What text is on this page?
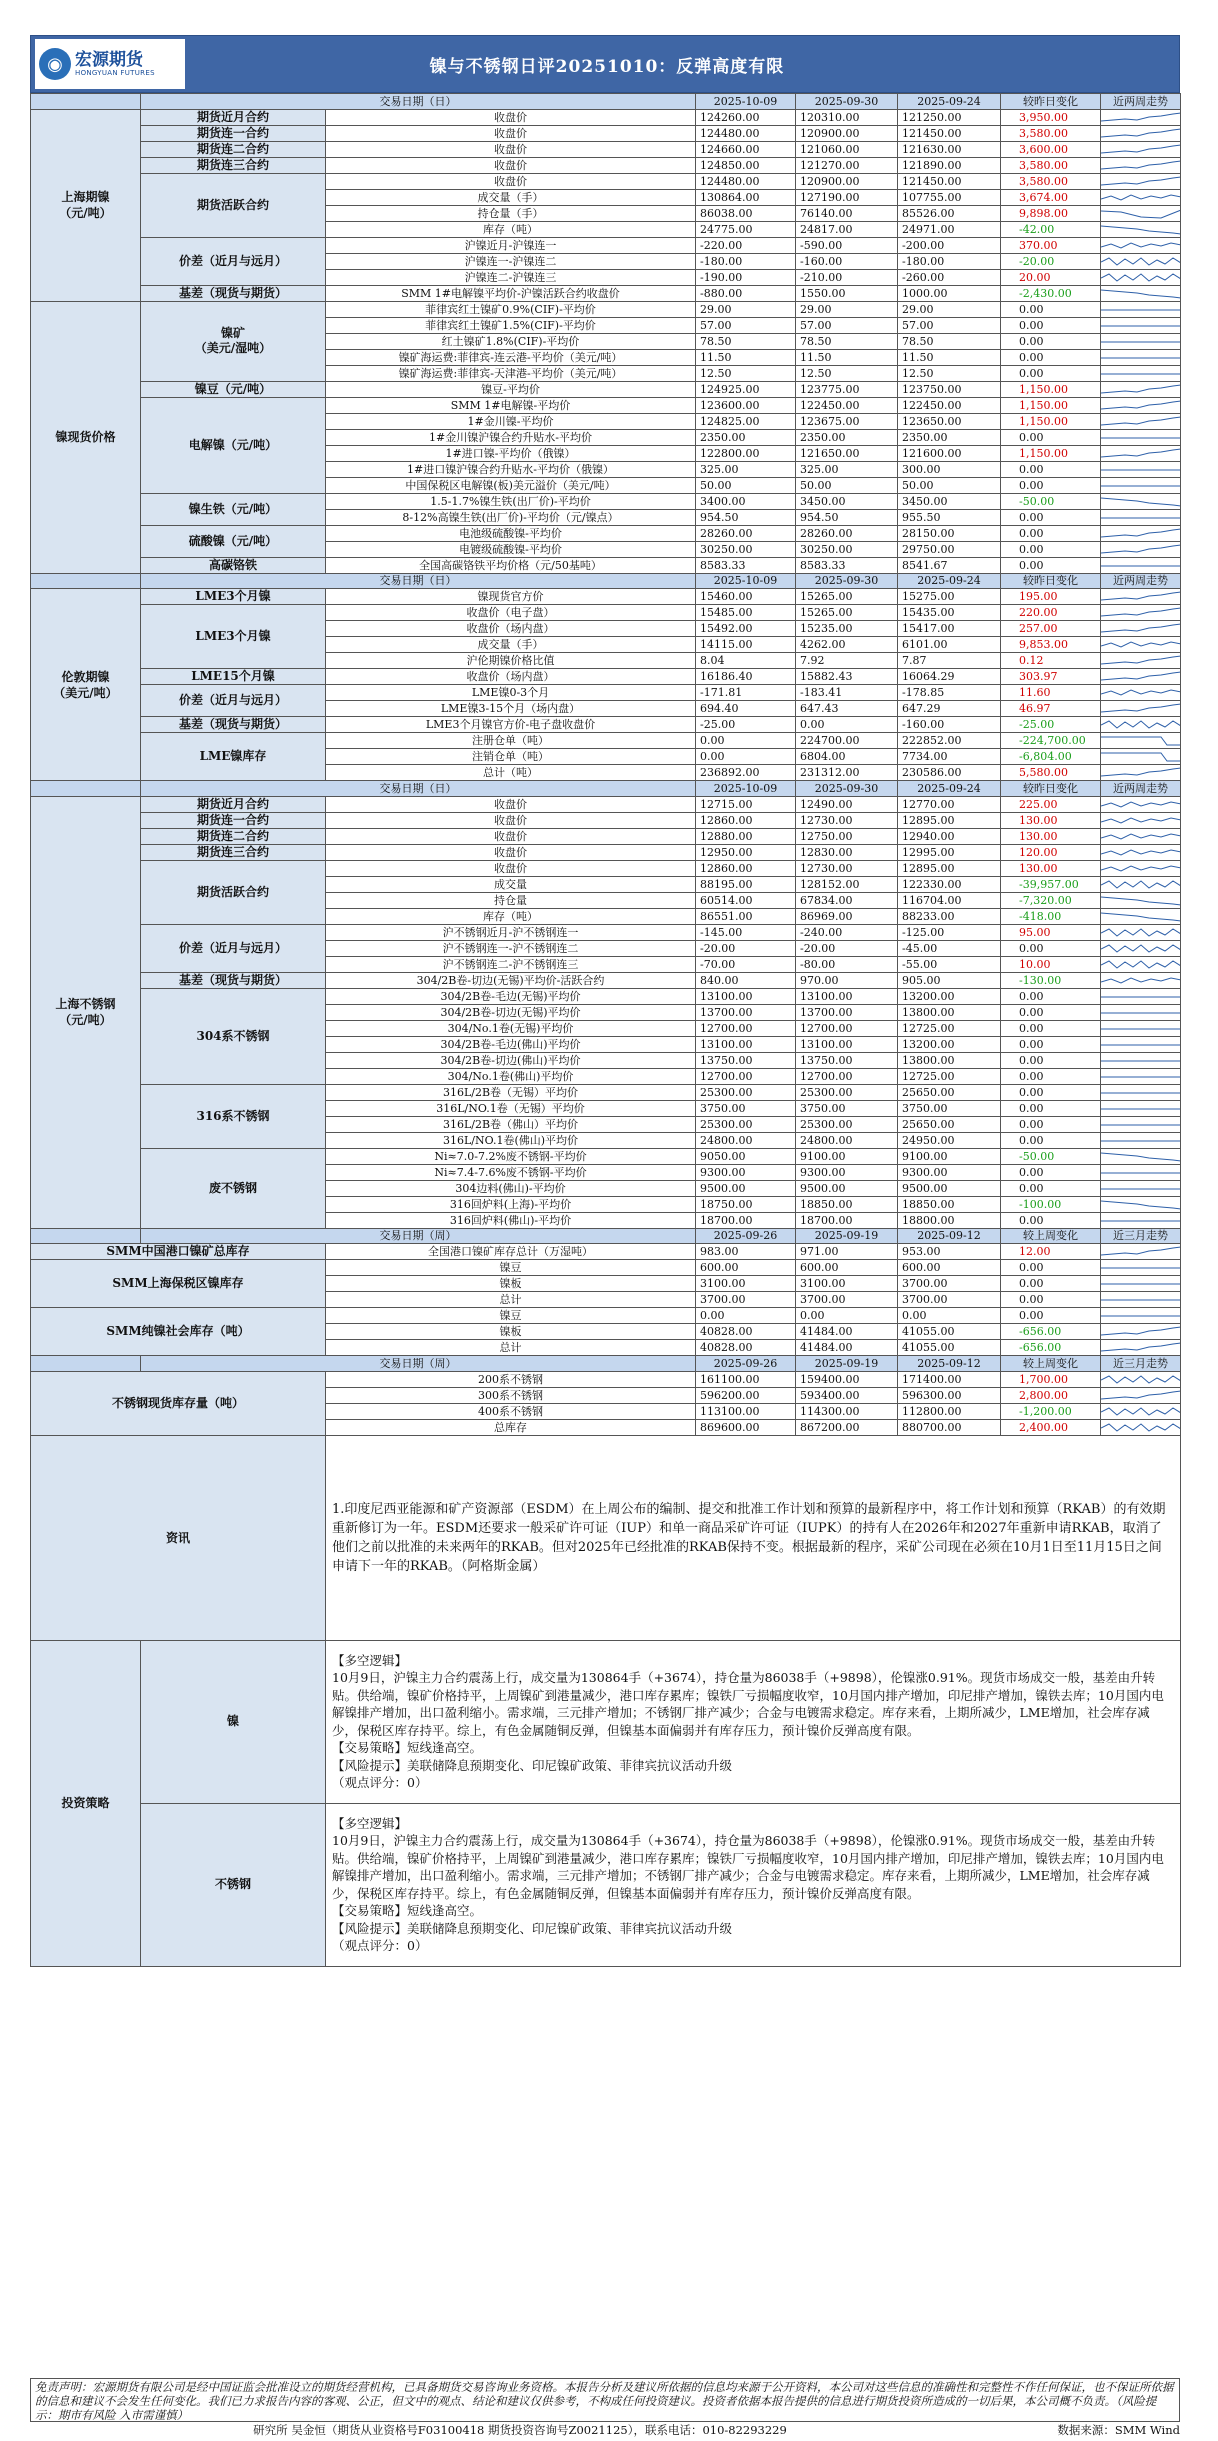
◉ 宏源期货
HONGYUAN FUTURES	镍与不锈钢日评20251010：反弹高度有限
	交易日期（日）		2025-10-09	2025-09-30	2025-09-24	较昨日变化	近两周走势

上海期镍
（元/吨）	期货近月合约	收盘价	124260.00	120310.00	121250.00	3,950.00	

	期货连一合约	收盘价	124480.00	120900.00	121450.00	3,580.00	

	期货连二合约	收盘价	124660.00	121060.00	121630.00	3,600.00	

	期货连三合约	收盘价	124850.00	121270.00	121890.00	3,580.00	

	期货活跃合约	收盘价	124480.00	120900.00	121450.00	3,580.00	

		成交量（手）	130864.00	127190.00	107755.00	3,674.00	

		持仓量（手）	86038.00	76140.00	85526.00	9,898.00	

		库存（吨）	24775.00	24817.00	24971.00	-42.00	

	价差（近月与远月）	沪镍近月-沪镍连一	-220.00	-590.00	-200.00	370.00	

		沪镍连一-沪镍连二	-180.00	-160.00	-180.00	-20.00	

		沪镍连二-沪镍连三	-190.00	-210.00	-260.00	20.00	

	基差（现货与期货）	SMM 1#电解镍平均价-沪镍活跃合约收盘价	-880.00	1550.00	1000.00	-2,430.00	

镍现货价格	镍矿
（美元/湿吨）	菲律宾红土镍矿0.9%(CIF)-平均价	29.00	29.00	29.00	0.00	

		菲律宾红土镍矿1.5%(CIF)-平均价	57.00	57.00	57.00	0.00	

		红土镍矿1.8%(CIF)-平均价	78.50	78.50	78.50	0.00	

		镍矿海运费:菲律宾-连云港-平均价（美元/吨）	11.50	11.50	11.50	0.00	

		镍矿海运费:菲律宾-天津港-平均价（美元/吨）	12.50	12.50	12.50	0.00	

	镍豆（元/吨）	镍豆-平均价	124925.00	123775.00	123750.00	1,150.00	

	电解镍（元/吨）	SMM 1#电解镍-平均价	123600.00	122450.00	122450.00	1,150.00	

		1#金川镍-平均价	124825.00	123675.00	123650.00	1,150.00	

		1#金川镍沪镍合约升贴水-平均价	2350.00	2350.00	2350.00	0.00	

		1#进口镍-平均价（俄镍）	122800.00	121650.00	121600.00	1,150.00	

		1#进口镍沪镍合约升贴水-平均价（俄镍）	325.00	325.00	300.00	0.00	

		中国保税区电解镍(板)美元溢价（美元/吨）	50.00	50.00	50.00	0.00	

	镍生铁（元/吨）	1.5-1.7%镍生铁(出厂价)-平均价	3400.00	3450.00	3450.00	-50.00	

		8-12%高镍生铁(出厂价)-平均价（元/镍点）	954.50	954.50	955.50	0.00	

	硫酸镍（元/吨）	电池级硫酸镍-平均价	28260.00	28260.00	28150.00	0.00	

		电镀级硫酸镍-平均价	30250.00	30250.00	29750.00	0.00	

	高碳铬铁	全国高碳铬铁平均价格（元/50基吨）	8583.33	8583.33	8541.67	0.00	

	交易日期（日）		2025-10-09	2025-09-30	2025-09-24	较昨日变化	近两周走势

伦敦期镍
（美元/吨）	LME3个月镍	镍现货官方价	15460.00	15265.00	15275.00	195.00	

	LME3个月镍	收盘价（电子盘）	15485.00	15265.00	15435.00	220.00	

		收盘价（场内盘）	15492.00	15235.00	15417.00	257.00	

		成交量（手）	14115.00	4262.00	6101.00	9,853.00	

		沪伦期镍价格比值	8.04	7.92	7.87	0.12	

	LME15个月镍	收盘价（场内盘）	16186.40	15882.43	16064.29	303.97	

	价差（近月与远月）	LME镍0-3个月	-171.81	-183.41	-178.85	11.60	

		LME镍3-15个月（场内盘）	694.40	647.43	647.29	46.97	

	基差（现货与期货）	LME3个月镍官方价-电子盘收盘价	-25.00	0.00	-160.00	-25.00	

	LME镍库存	注册仓单（吨）	0.00	224700.00	222852.00	-224,700.00	

		注销仓单（吨）	0.00	6804.00	7734.00	-6,804.00	

		总计（吨）	236892.00	231312.00	230586.00	5,580.00	

	交易日期（日）		2025-10-09	2025-09-30	2025-09-24	较昨日变化	近两周走势

上海不锈钢
（元/吨）	期货近月合约	收盘价	12715.00	12490.00	12770.00	225.00	

	期货连一合约	收盘价	12860.00	12730.00	12895.00	130.00	

	期货连二合约	收盘价	12880.00	12750.00	12940.00	130.00	

	期货连三合约	收盘价	12950.00	12830.00	12995.00	120.00	

	期货活跃合约	收盘价	12860.00	12730.00	12895.00	130.00	

		成交量	88195.00	128152.00	122330.00	-39,957.00	

		持仓量	60514.00	67834.00	116704.00	-7,320.00	

		库存（吨）	86551.00	86969.00	88233.00	-418.00	

	价差（近月与远月）	沪不锈钢近月-沪不锈钢连一	-145.00	-240.00	-125.00	95.00	

		沪不锈钢连一-沪不锈钢连二	-20.00	-20.00	-45.00	0.00	

		沪不锈钢连二-沪不锈钢连三	-70.00	-80.00	-55.00	10.00	

	基差（现货与期货）	304/2B卷-切边(无锡)平均价-活跃合约	840.00	970.00	905.00	-130.00	

	304系不锈钢	304/2B卷-毛边(无锡)平均价	13100.00	13100.00	13200.00	0.00	

		304/2B卷-切边(无锡)平均价	13700.00	13700.00	13800.00	0.00	

		304/No.1卷(无锡)平均价	12700.00	12700.00	12725.00	0.00	

		304/2B卷-毛边(佛山)平均价	13100.00	13100.00	13200.00	0.00	

		304/2B卷-切边(佛山)平均价	13750.00	13750.00	13800.00	0.00	

		304/No.1卷(佛山)平均价	12700.00	12700.00	12725.00	0.00	

	316系不锈钢	316L/2B卷（无锡）平均价	25300.00	25300.00	25650.00	0.00	

		316L/NO.1卷（无锡）平均价	3750.00	3750.00	3750.00	0.00	

		316L/2B卷（佛山）平均价	25300.00	25300.00	25650.00	0.00	

		316L/NO.1卷(佛山)平均价	24800.00	24800.00	24950.00	0.00	

	废不锈钢	Ni≈7.0-7.2%废不锈钢-平均价	9050.00	9100.00	9100.00	-50.00	

		Ni≈7.4-7.6%废不锈钢-平均价	9300.00	9300.00	9300.00	0.00	

		304边料(佛山)-平均价	9500.00	9500.00	9500.00	0.00	

		316回炉料(上海)-平均价	18750.00	18850.00	18850.00	-100.00	

		316回炉料(佛山)-平均价	18700.00	18700.00	18800.00	0.00	

	交易日期（周）		2025-09-26	2025-09-19	2025-09-12	较上周变化	近三月走势

SMM中国港口镍矿总库存		全国港口镍矿库存总计（万湿吨）	983.00	971.00	953.00	12.00	

SMM上海保税区镍库存		镍豆	600.00	600.00	600.00	0.00	

		镍板	3100.00	3100.00	3700.00	0.00	

		总计	3700.00	3700.00	3700.00	0.00	

SMM纯镍社会库存（吨）		镍豆	0.00	0.00	0.00	0.00	

		镍板	40828.00	41484.00	41055.00	-656.00	

		总计	40828.00	41484.00	41055.00	-656.00	

	交易日期（周）		2025-09-26	2025-09-19	2025-09-12	较上周变化	近三月走势

不锈钢现货库存量（吨）		200系不锈钢	161100.00	159400.00	171400.00	1,700.00	

		300系不锈钢	596200.00	593400.00	596300.00	2,800.00	

		400系不锈钢	113100.00	114300.00	112800.00	-1,200.00	

		总库存	869600.00	867200.00	880700.00	2,400.00	

资讯		1.印度尼西亚能源和矿产资源部（ESDM）在上周公布的编制、提交和批准工作计划和预算的最新程序中，将工作计划和预算（RKAB）的有效期重新修订为一年。ESDM还要求一般采矿许可证（IUP）和单一商品采矿许可证（IUPK）的持有人在2026年和2027年重新申请RKAB，取消了他们之前以批准的未来两年的RKAB。但对2025年已经批准的RKAB保持不变。根据最新的程序，采矿公司现在必须在10月1日至11月15日之间申请下一年的RKAB。（阿格斯金属）					
投资策略	镍	【多空逻辑】
10月9日，沪镍主力合约震荡上行，成交量为130864手（+3674），持仓量为86038手（+9898），伦镍涨0.91%。现货市场成交一般，基差由升转贴。供给端，镍矿价格持平，上周镍矿到港量减少，港口库存累库；镍铁厂亏损幅度收窄，10月国内排产增加，印尼排产增加，镍铁去库；10月国内电解镍排产增加，出口盈利缩小。需求端，三元排产增加；不锈钢厂排产减少；合金与电镀需求稳定。库存来看，上期所减少，LME增加，社会库存减少，保税区库存持平。综上，有色金属随铜反弹，但镍基本面偏弱并有库存压力，预计镍价反弹高度有限。
【交易策略】短线逢高空。
【风险提示】美联储降息预期变化、印尼镍矿政策、菲律宾抗议活动升级
（观点评分：0）					

	不锈钢	【多空逻辑】
10月9日，沪镍主力合约震荡上行，成交量为130864手（+3674），持仓量为86038手（+9898），伦镍涨0.91%。现货市场成交一般，基差由升转贴。供给端，镍矿价格持平，上周镍矿到港量减少，港口库存累库；镍铁厂亏损幅度收窄，10月国内排产增加，印尼排产增加，镍铁去库；10月国内电解镍排产增加，出口盈利缩小。需求端，三元排产增加；不锈钢厂排产减少；合金与电镀需求稳定。库存来看，上期所减少，LME增加，社会库存减少，保税区库存持平。综上，有色金属随铜反弹，但镍基本面偏弱并有库存压力，预计镍价反弹高度有限。
【交易策略】短线逢高空。
【风险提示】美联储降息预期变化、印尼镍矿政策、菲律宾抗议活动升级
（观点评分：0）					
免责声明：宏源期货有限公司是经中国证监会批准设立的期货经营机构，已具备期货交易咨询业务资格。本报告分析及建议所依据的信息均来源于公开资料，本公司对这些信息的准确性和完整性不作任何保证，也不保证所依据的信息和建议不会发生任何变化。我们已力求报告内容的客观、公正，但文中的观点、结论和建议仅供参考，不构成任何投资建议。投资者依据本报告提供的信息进行期货投资所造成的一切后果，本公司概不负责。（风险提示：期市有风险 入市需谨慎）
研究所 吴金恒（期货从业资格号F03100418 期货投资咨询号Z0021125），联系电话：010-82293229	数据来源：SMM Wind
